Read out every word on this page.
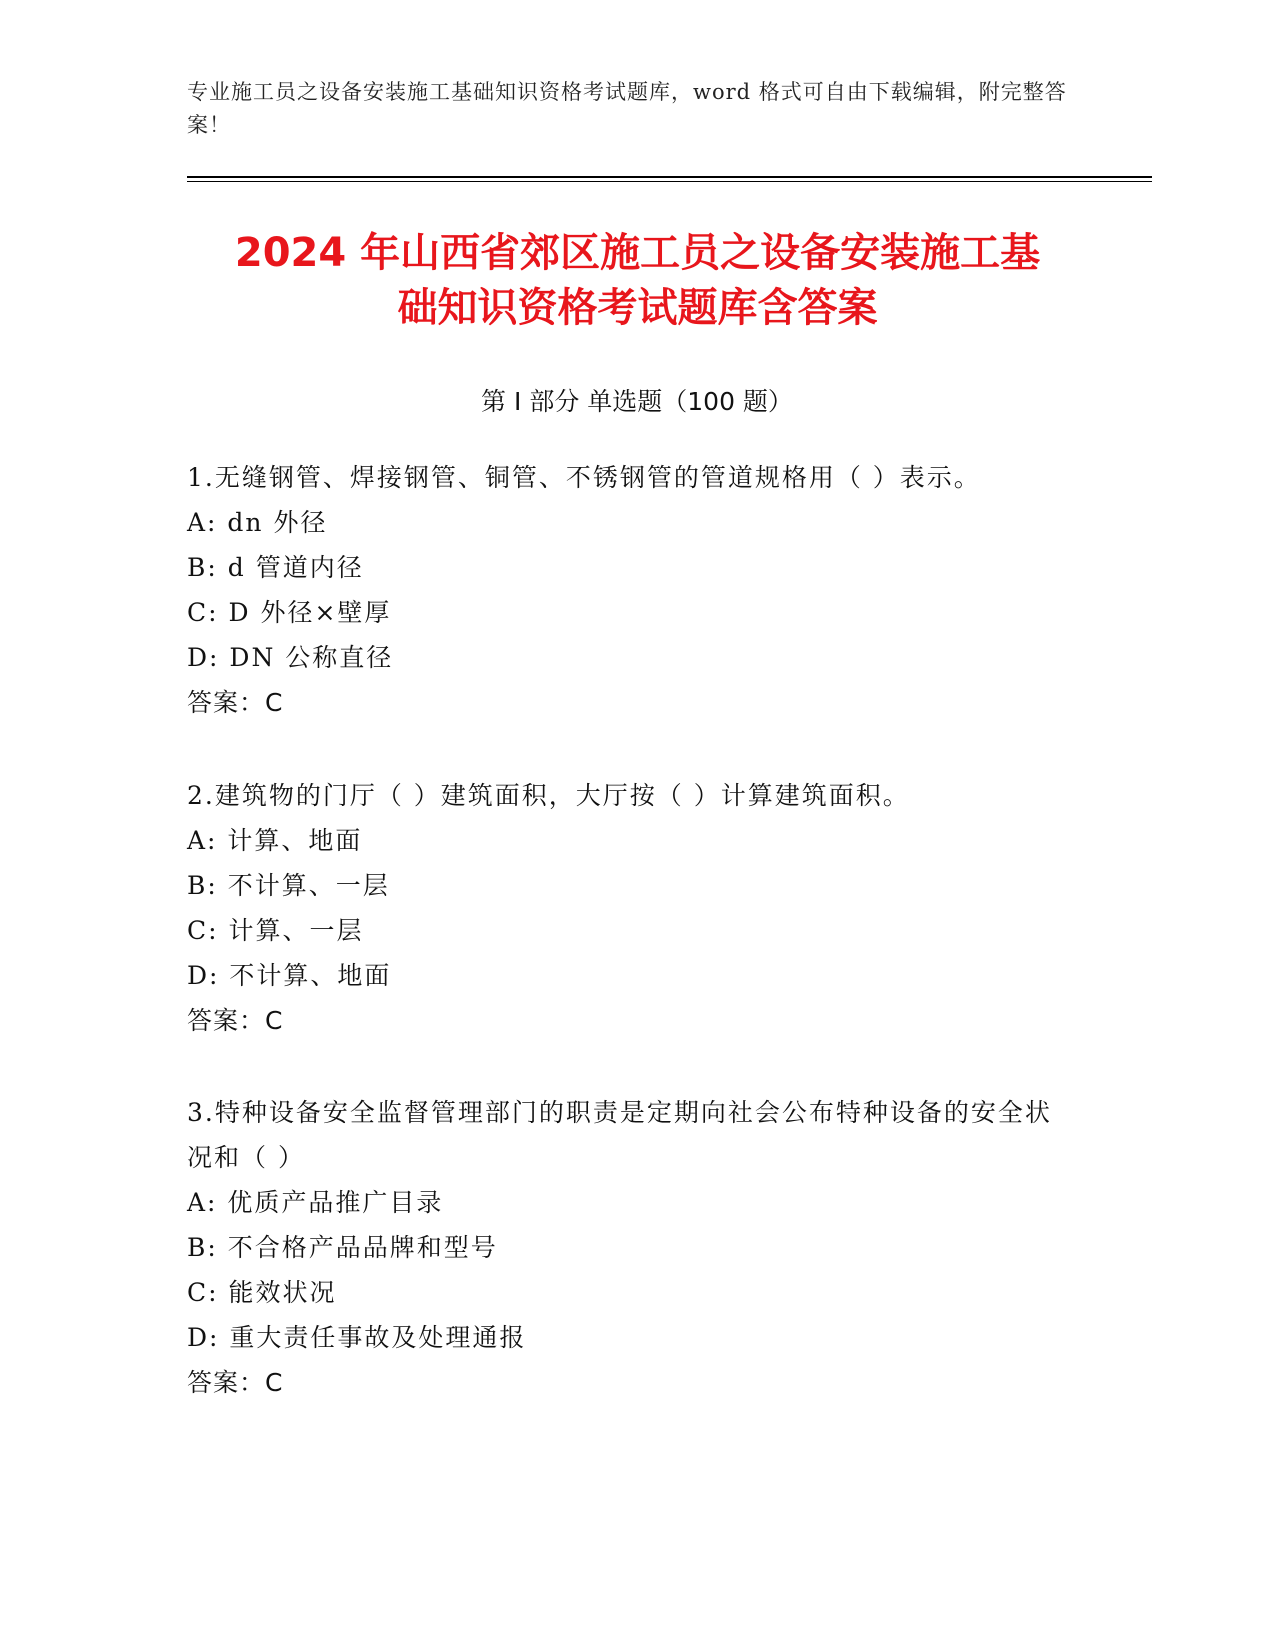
专业施工员之设备安装施工基础知识资格考试题库，word 格式可自由下载编辑，附完整答案！
2024 年山西省郊区施工员之设备安装施工基
础知识资格考试题库含答案
第 I 部分 单选题（100 题）
1.无缝钢管、焊接钢管、铜管、不锈钢管的管道规格用（ ）表示。
A: dn 外径
B: d 管道内径
C: D 外径×壁厚
D: DN 公称直径
答案：C
2.建筑物的门厅（ ）建筑面积，大厅按（ ）计算建筑面积。
A: 计算、地面
B: 不计算、一层
C: 计算、一层
D: 不计算、地面
答案：C
3.特种设备安全监督管理部门的职责是定期向社会公布特种设备的安全状况和（ ）
A: 优质产品推广目录
B: 不合格产品品牌和型号
C: 能效状况
D: 重大责任事故及处理通报
答案：C
